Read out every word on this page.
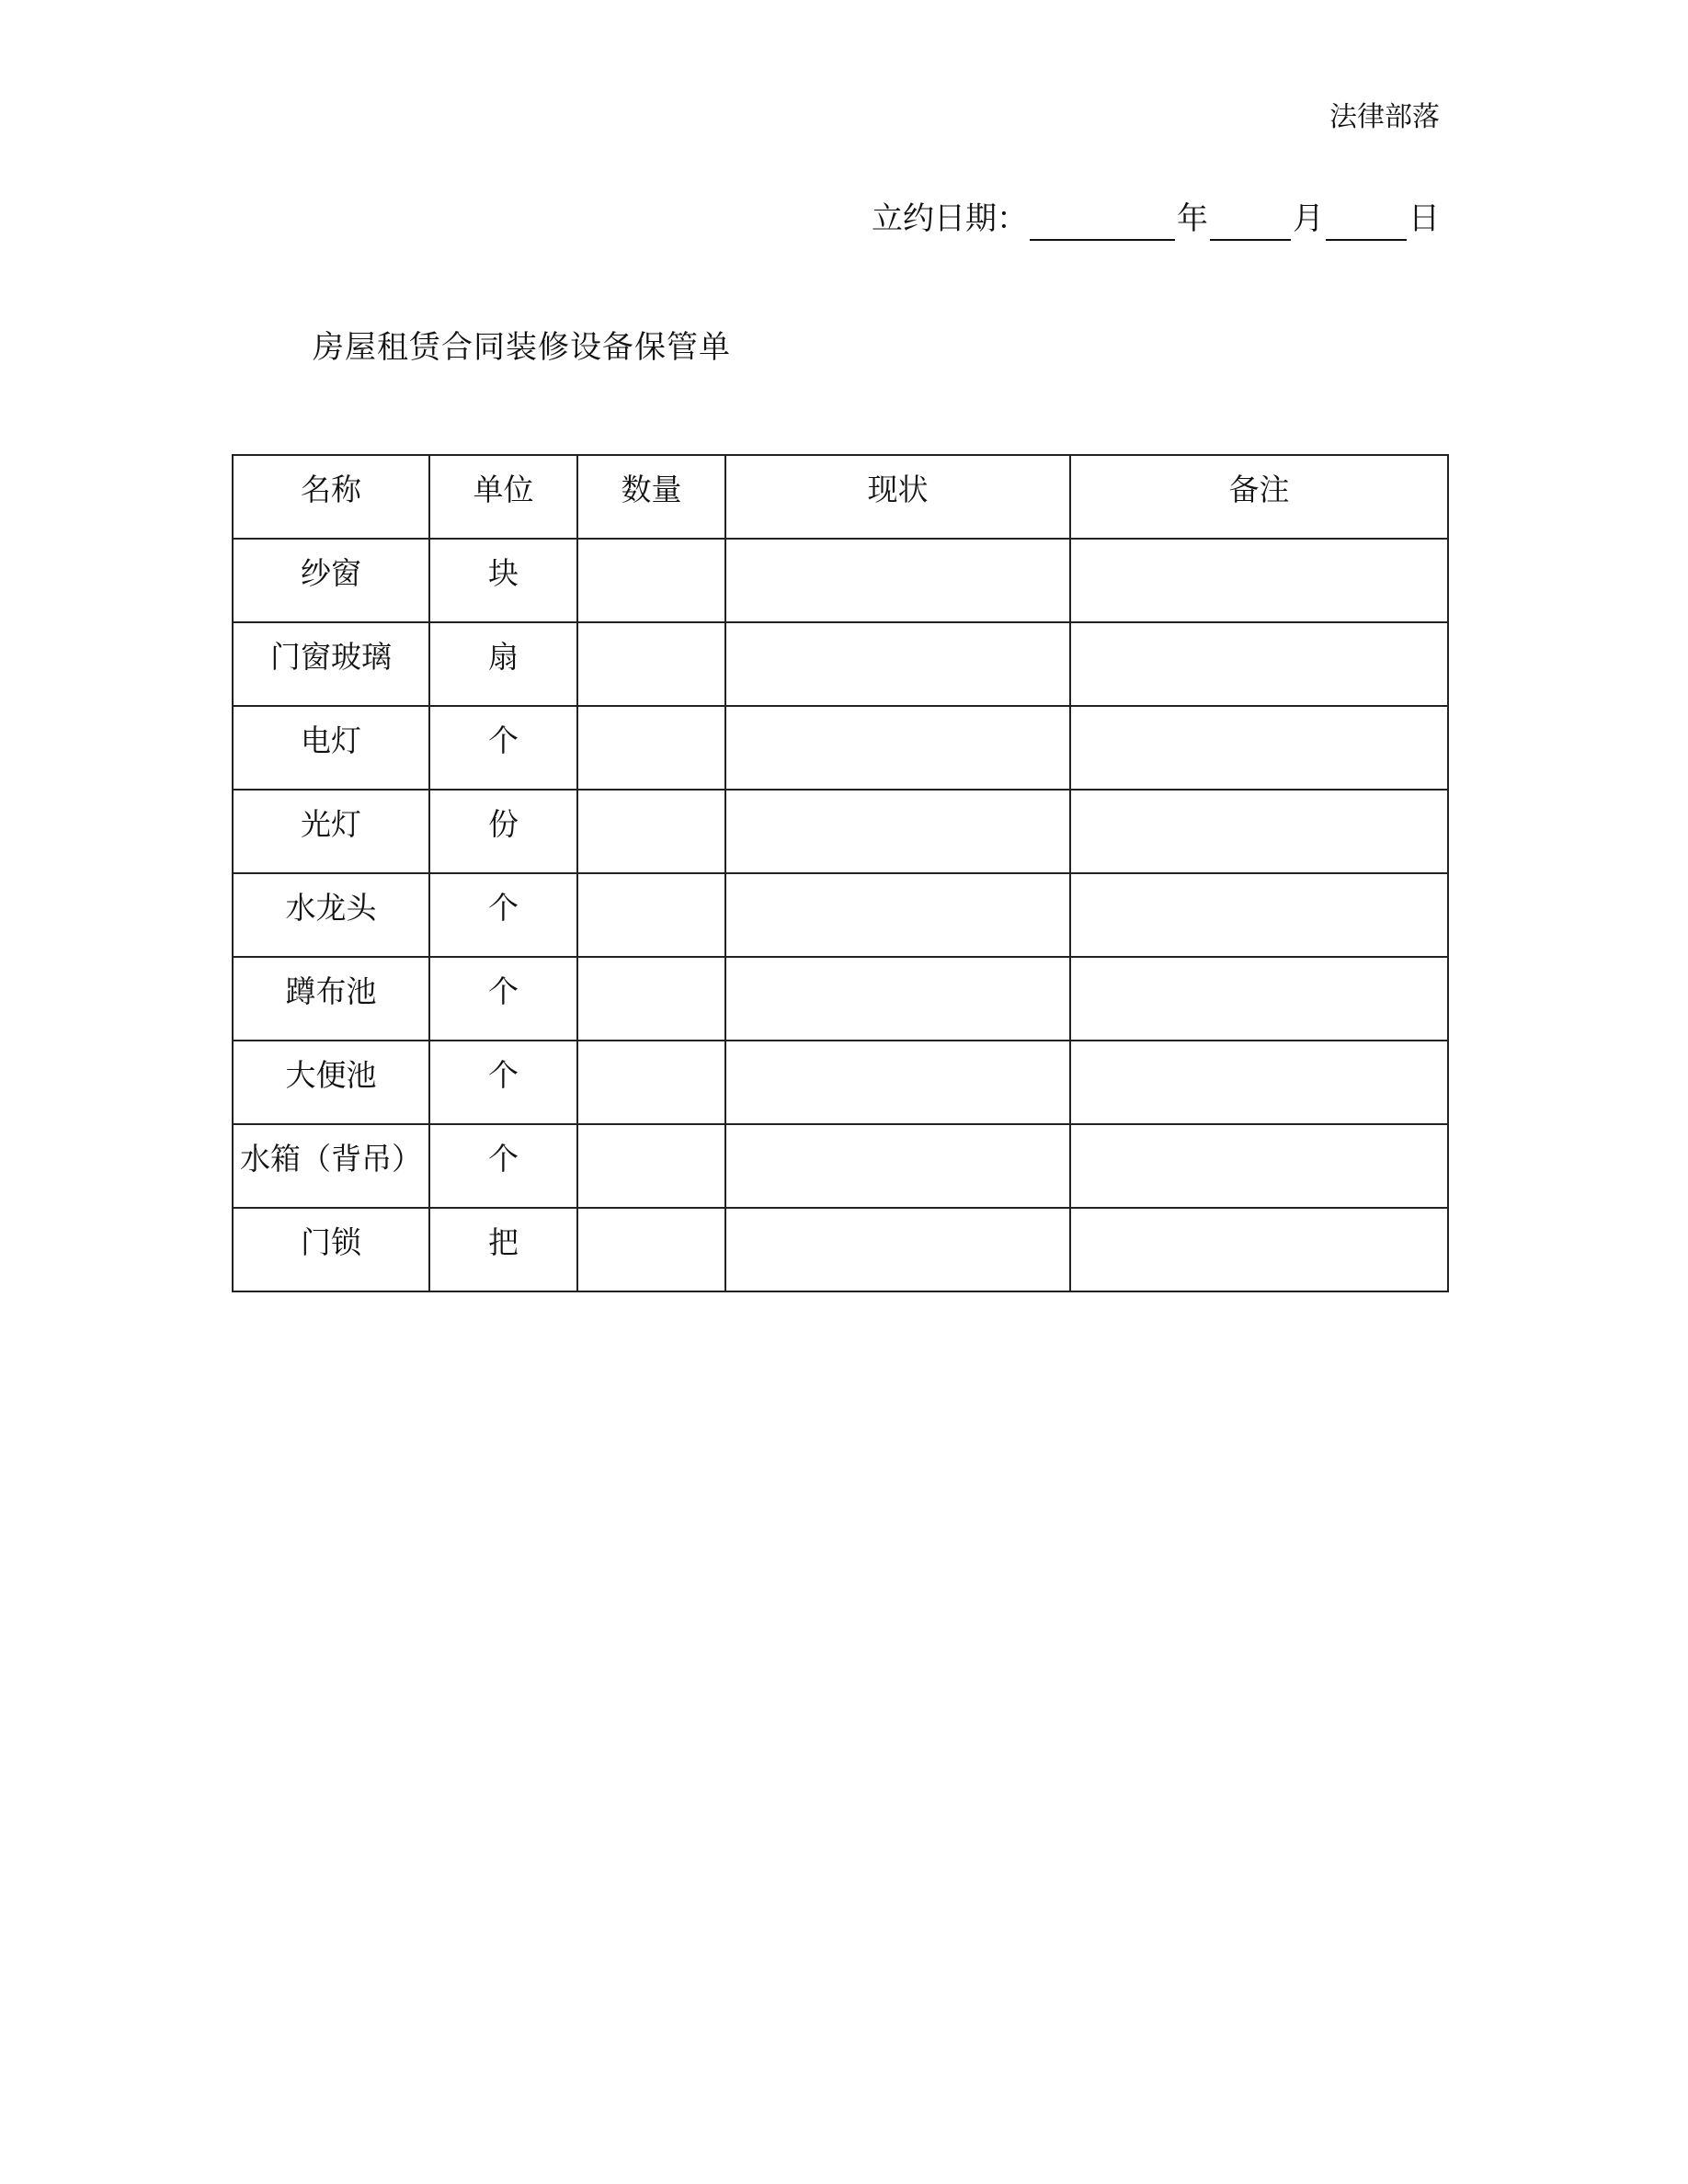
法律部落
立约日期：	年	月	日
房屋租赁合同装修设备保管单
名称	单位	数量	现状	备注
纱窗	块			
门窗玻璃	扇			
电灯	个			
光灯	份			
水龙头	个			
蹲布池	个			
大便池	个			
水箱（背吊）	个			
门锁	把			
